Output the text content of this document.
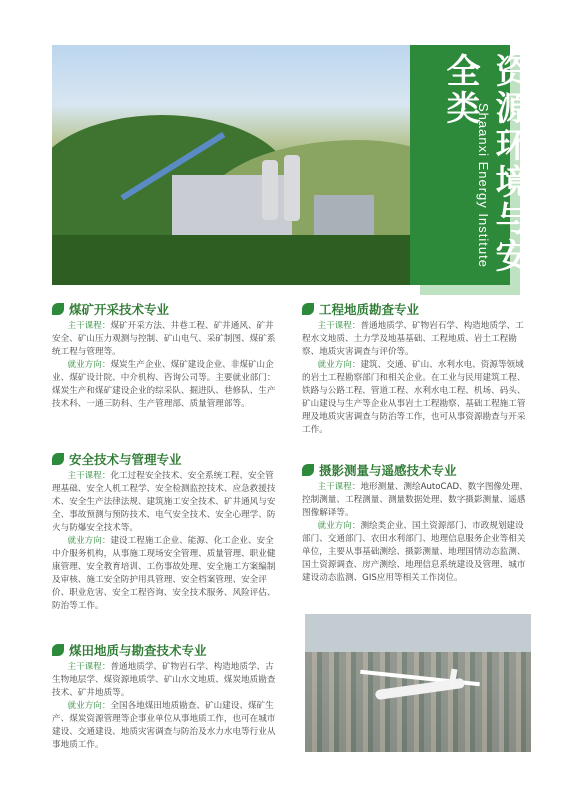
资源环境与安全类
Shaanxi Energy Institute
煤矿开采技术专业

主干课程：煤矿开采方法、井巷工程、矿井通风、矿井安全、矿山压力观测与控制、矿山电气、采矿制图、煤矿系统工程与管理等。

就业方向：煤炭生产企业、煤矿建设企业、非煤矿山企业、煤矿设计院、中介机构、咨询公司等。主要就业部门：煤炭生产和煤矿建设企业的综采队、掘进队、巷修队、生产技术科、一通三防科、生产管理部、质量管理部等。

安全技术与管理专业

主干课程：化工过程安全技术、安全系统工程、安全管理基础、安全人机工程学、安全检测监控技术、应急救援技术、安全生产法律法规、建筑施工安全技术、矿井通风与安全、事故预测与预防技术、电气安全技术、安全心理学、防火与防爆安全技术等。

就业方向：建设工程施工企业、能源、化工企业、安全中介服务机构，从事施工现场安全管理、质量管理、职业健康管理、安全教育培训、工伤事故处理、安全施工方案编制及审核、施工安全防护用具管理、安全档案管理、安全评价、职业危害、安全工程咨询、安全技术服务、风险评估、防治等工作。

煤田地质与勘查技术专业

主干课程：普通地质学、矿物岩石学、构造地质学、古生物地层学、煤资源地质学、矿山水文地质、煤炭地质勘查技术、矿井地质等。

就业方向：全国各地煤田地质勘查、矿山建设、煤矿生产、煤炭资源管理等企事业单位从事地质工作，也可在城市建设、交通建设、地质灾害调查与防治及水力水电等行业从事地质工作。

工程地质勘查专业

主干课程：普通地质学、矿物岩石学、构造地质学、工程水文地质、土力学及地基基础、工程地质、岩土工程勘察、地质灾害调查与评价等。

就业方向：建筑、交通、矿山、水利水电、资源等领域的岩土工程勘察部门和相关企业。在工业与民用建筑工程、铁路与公路工程、管道工程、水利水电工程、机场、码头、矿山建设与生产等企业从事岩土工程勘察、基础工程施工管理及地质灾害调查与防治等工作，也可从事资源勘查与开采工作。

摄影测量与遥感技术专业

主干课程：地形测量、测绘AutoCAD、数字图像处理、控制测量、工程测量、测量数据处理、数字摄影测量、遥感图像解译等。

就业方向：测绘类企业、国土资源部门、市政规划建设部门、交通部门、农田水利部门、地理信息服务企业等相关单位，主要从事基础测绘、摄影测量、地理国情动态监测、国土资源调查、房产测绘、地理信息系统建设及管理、城市建设动态监测、GIS应用等相关工作岗位。
